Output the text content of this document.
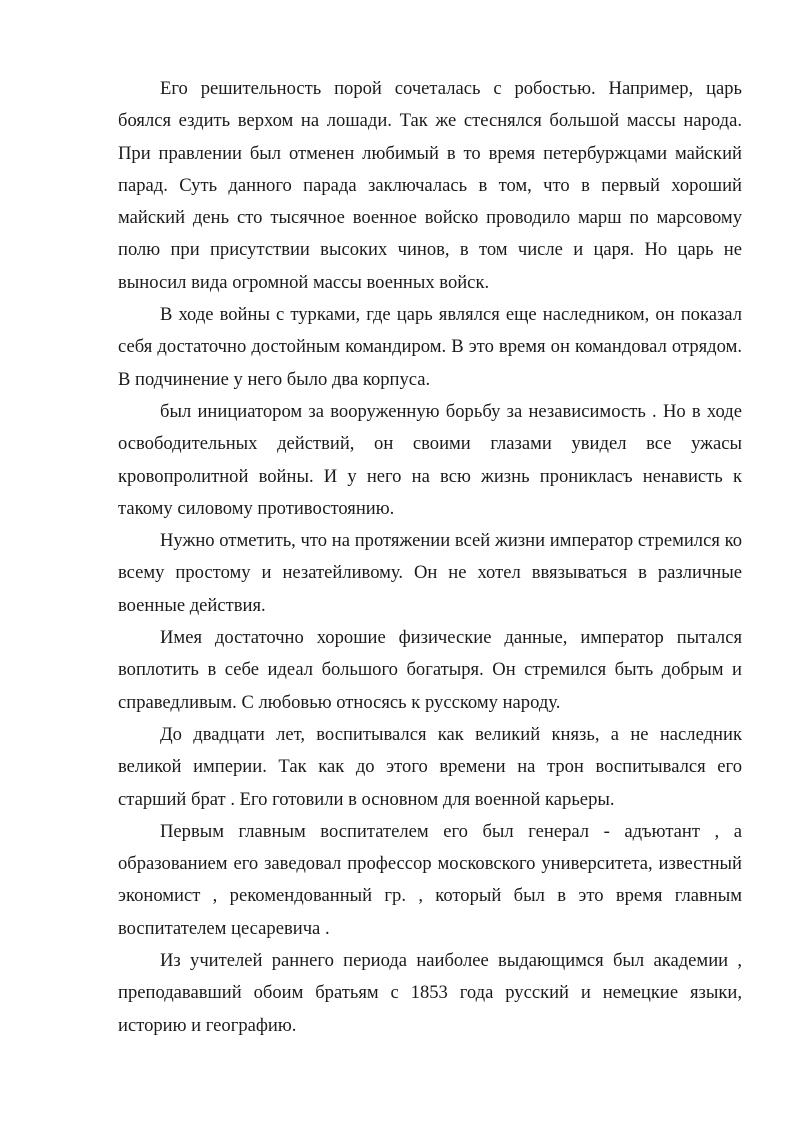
Его решительность порой сочеталась с робостью. Например, царь боялся ездить верхом на лошади. Так же стеснялся большой массы народа. При правлении был отменен любимый в то время петербуржцами майский парад. Суть данного парада заключалась в том, что в первый хороший майский день сто тысячное военное войско проводило марш по марсовому полю при присутствии высоких чинов, в том числе и царя. Но царь не выносил вида огромной массы военных войск.

В ходе войны с турками, где царь являлся еще наследником, он показал себя достаточно достойным командиром. В это время он командовал отрядом. В подчинение у него было два корпуса.

был инициатором за вооруженную борьбу за независимость . Но в ходе освободительных действий, он своими глазами увидел все ужасы кровопролитной войны. И у него на всю жизнь проникласъ ненависть к такому силовому противостоянию.

Нужно отметить, что на протяжении всей жизни император стремился ко всему простому и незатейливому. Он не хотел ввязываться в различные военные действия.

Имея достаточно хорошие физические данные, император пытался воплотить в себе идеал большого богатыря. Он стремился быть добрым и справедливым. С любовью относясь к русскому народу.

До двадцати лет, воспитывался как великий князь, а не наследник великой империи. Так как до этого времени на трон воспитывался его старший брат . Его готовили в основном для военной карьеры.

Первым главным воспитателем его был генерал - адъютант , а образованием его заведовал профессор московского университета, известный экономист , рекомендованный гр. , который был в это время главным воспитателем цесаревича .

Из учителей раннего периода наиболее выдающимся был академии , преподававший обоим братьям с 1853 года русский и немецкие языки, историю и географию.
